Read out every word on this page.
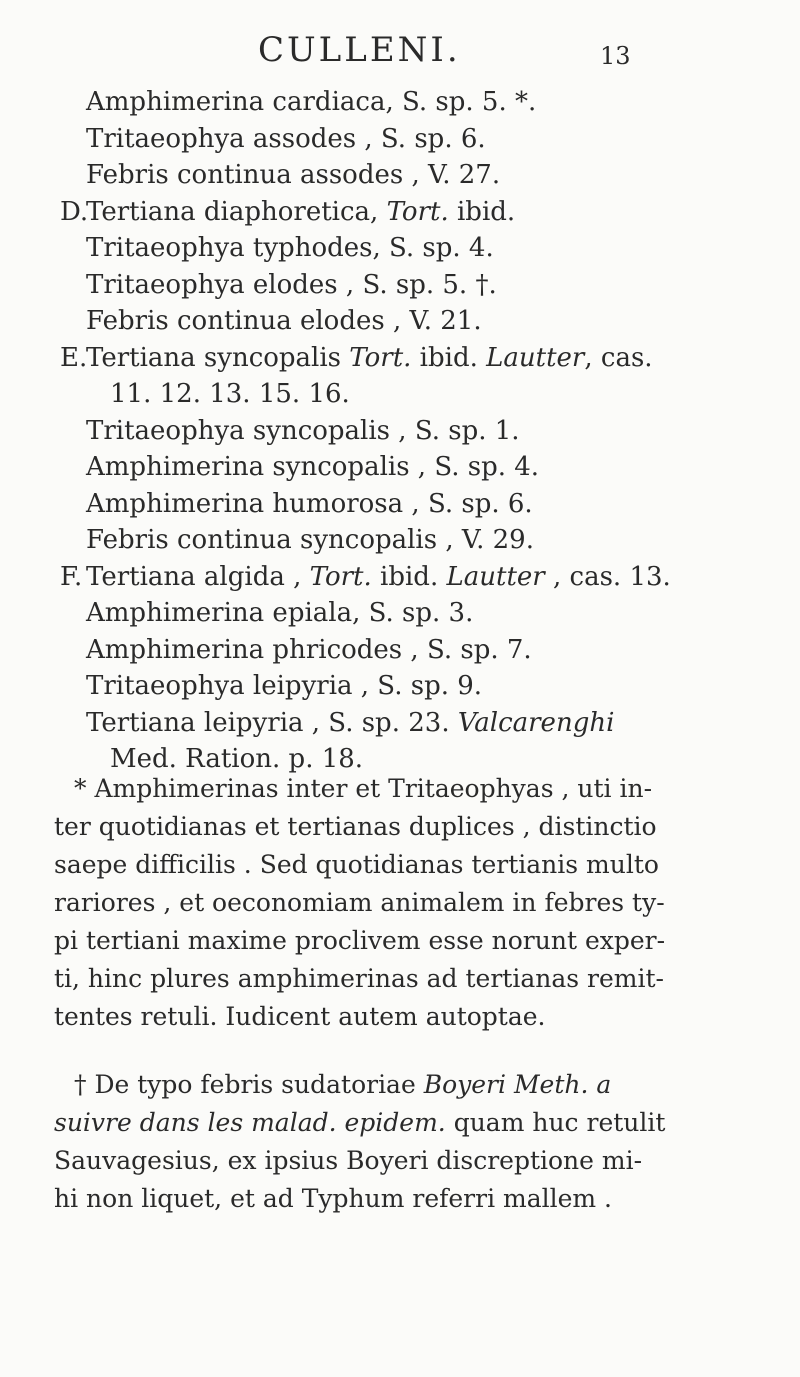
CULLENI.	13
Amphimerina cardiaca, S. sp. 5. *.
Tritaeophya assodes , S. sp. 6.
Febris continua assodes , V. 27.
D.
Tertiana diaphoretica, Tort. ibid.
Tritaeophya typhodes, S. sp. 4.
Tritaeophya elodes , S. sp. 5. †.
Febris continua elodes , V. 21.
E.
Tertiana syncopalis Tort. ibid. Lautter, cas.
11. 12. 13. 15. 16.
Tritaeophya syncopalis , S. sp. 1.
Amphimerina syncopalis , S. sp. 4.
Amphimerina humorosa , S. sp. 6.
Febris continua syncopalis , V. 29.
F. Tertiana algida , Tort. ibid. Lautter , cas. 13.
Amphimerina epiala, S. sp. 3.
Amphimerina phricodes , S. sp. 7.
Tritaeophya leipyria , S. sp. 9.
Tertiana leipyria , S. sp. 23. Valcarenghi
Med. Ration. p. 18.
* Amphimerinas inter et Tritaeophyas , uti in-
ter quotidianas et tertianas duplices , distinctio
saepe difficilis . Sed quotidianas tertianis multo
rariores , et oeconomiam animalem in febres ty-
pi tertiani maxime proclivem esse norunt exper-
ti, hinc plures amphimerinas ad tertianas remit-
tentes retuli. Iudicent autem autoptae.
† De typo febris sudatoriae Boyeri Meth. a
suivre dans les malad. epidem. quam huc retulit
Sauvagesius, ex ipsius Boyeri discreptione mi-
hi non liquet, et ad Typhum referri mallem .
